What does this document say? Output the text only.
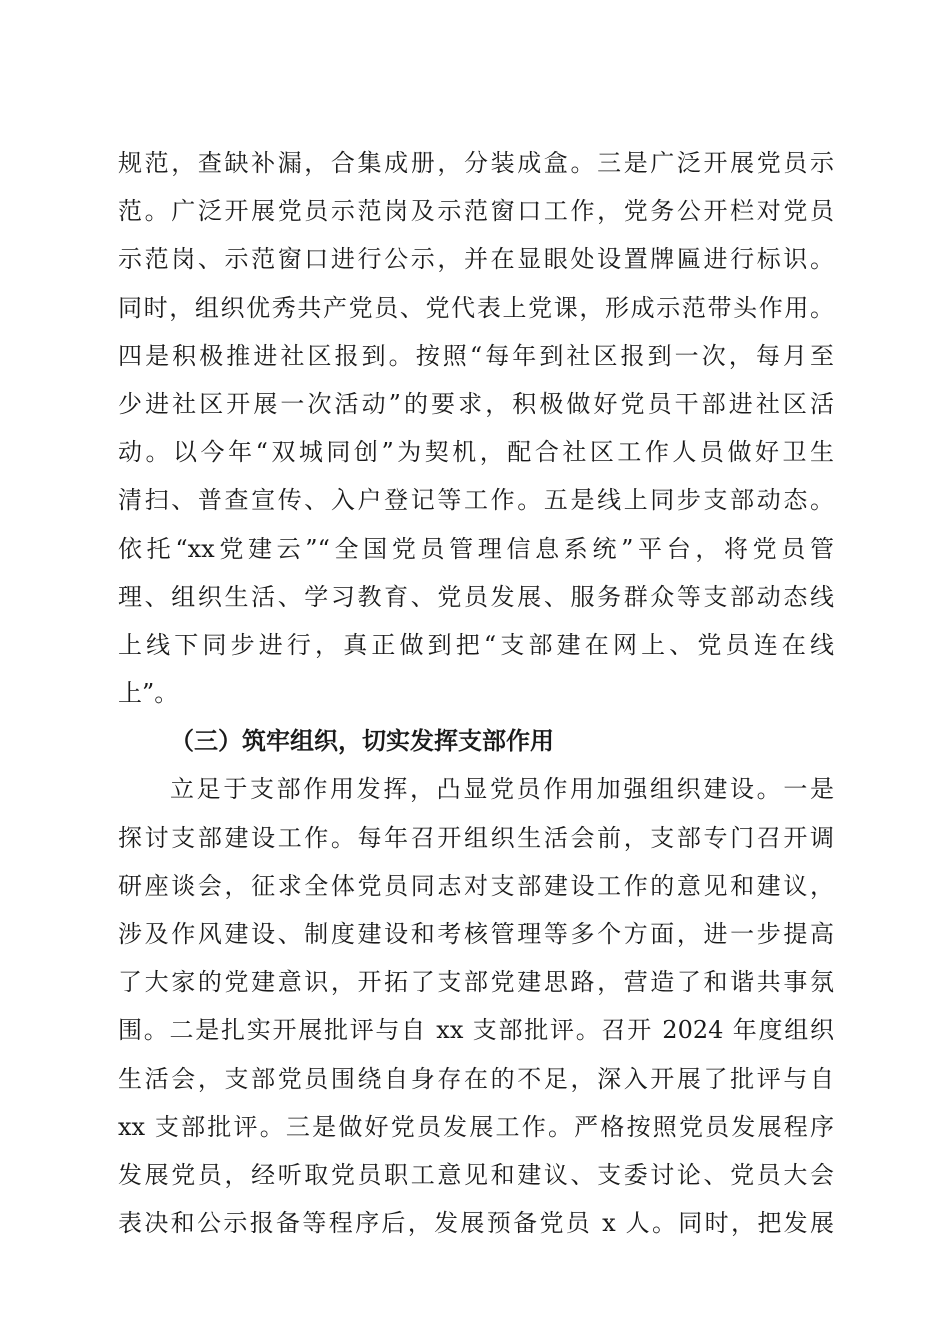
规范，查缺补漏，合集成册，分装成盒。三是广泛开展党员示
范。广泛开展党员示范岗及示范窗口工作，党务公开栏对党员
示范岗、示范窗口进行公示，并在显眼处设置牌匾进行标识。
同时，组织优秀共产党员、党代表上党课，形成示范带头作用。
四是积极推进社区报到。按照“每年到社区报到一次，每月至
少进社区开展一次活动”的要求，积极做好党员干部进社区活
动。以今年“双城同创”为契机，配合社区工作人员做好卫生
清扫、普查宣传、入户登记等工作。五是线上同步支部动态。
依托“xx党建云”“全国党员管理信息系统”平台，将党员管
理、组织生活、学习教育、党员发展、服务群众等支部动态线
上线下同步进行，真正做到把“支部建在网上、党员连在线
上”。
（三）筑牢组织，切实发挥支部作用
立足于支部作用发挥，凸显党员作用加强组织建设。一是
探讨支部建设工作。每年召开组织生活会前，支部专门召开调
研座谈会，征求全体党员同志对支部建设工作的意见和建议，
涉及作风建设、制度建设和考核管理等多个方面，进一步提高
了大家的党建意识，开拓了支部党建思路，营造了和谐共事氛
围。二是扎实开展批评与自 xx 支部批评。召开 2024 年度组织
生活会，支部党员围绕自身存在的不足，深入开展了批评与自
xx 支部批评。三是做好党员发展工作。严格按照党员发展程序
发展党员，经听取党员职工意见和建议、支委讨论、党员大会
表决和公示报备等程序后，发展预备党员 x 人。同时，把发展
